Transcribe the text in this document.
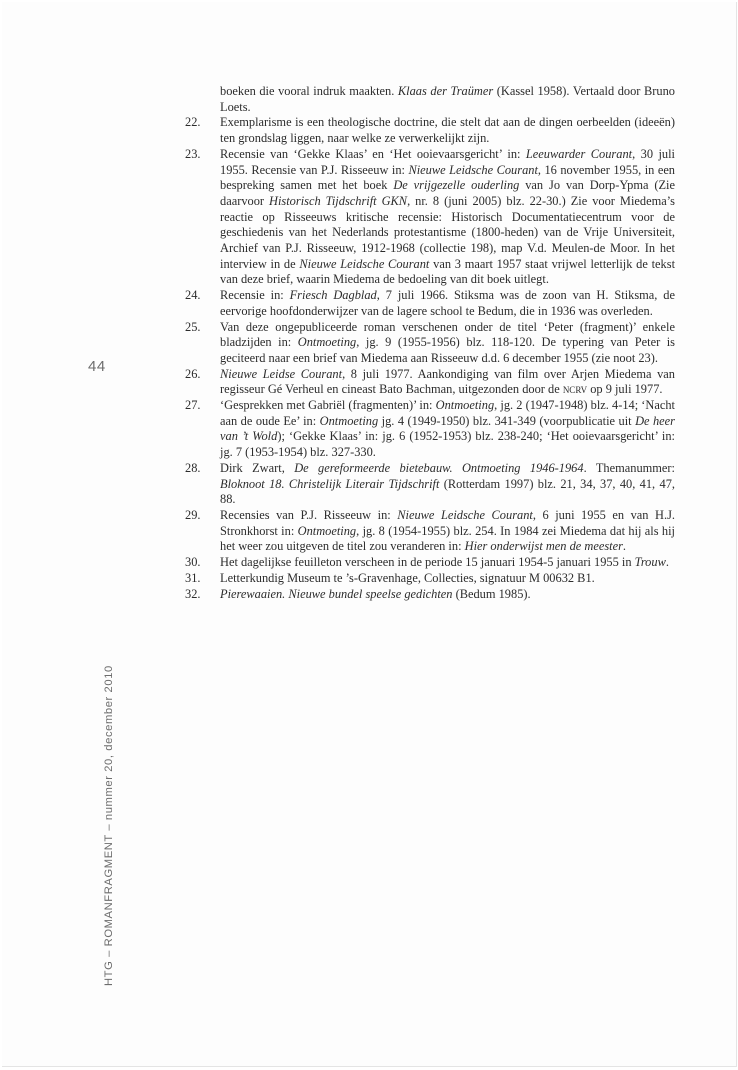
44
HTG – ROMANFRAGMENT – nummer 20, december 2010

boeken die vooral indruk maakten. Klaas der Traümer (Kassel 1958). Vertaald door Bruno Loets.

22. Exemplarisme is een theologische doctrine, die stelt dat aan de dingen oerbeelden (ideeën) ten grondslag liggen, naar welke ze verwerkelijkt zijn.

23. Recensie van ‘Gekke Klaas’ en ‘Het ooievaarsgericht’ in: Leeuwarder Courant, 30 juli 1955. Recensie van P.J. Risseeuw in: Nieuwe Leidsche Courant, 16 november 1955, in een bespreking samen met het boek De vrijgezelle ouderling van Jo van Dorp-Ypma (Zie daarvoor Historisch Tijdschrift GKN, nr. 8 (juni 2005) blz. 22-30.) Zie voor Miedema’s reactie op Risseeuws kritische recensie: Historisch Documentatiecentrum voor de geschiedenis van het Nederlands protestantisme (1800-heden) van de Vrije Universiteit, Archief van P.J. Risseeuw, 1912-1968 (collectie 198), map V.d. Meulen-de Moor. In het interview in de Nieuwe Leidsche Courant van 3 maart 1957 staat vrijwel letterlijk de tekst van deze brief, waarin Miedema de bedoeling van dit boek uitlegt.

24. Recensie in: Friesch Dagblad, 7 juli 1966. Stiksma was de zoon van H. Stiksma, de eervorige hoofdonderwijzer van de lagere school te Bedum, die in 1936 was overleden.

25. Van deze ongepubliceerde roman verschenen onder de titel ‘Peter (fragment)’ enkele bladzijden in: Ontmoeting, jg. 9 (1955-1956) blz. 118-120. De typering van Peter is geciteerd naar een brief van Miedema aan Risseeuw d.d. 6 december 1955 (zie noot 23).

26. Nieuwe Leidse Courant, 8 juli 1977. Aankondiging van film over Arjen Miedema van regisseur Gé Verheul en cineast Bato Bachman, uitgezonden door de ncrv op 9 juli 1977.

27. ‘Gesprekken met Gabriël (fragmenten)’ in: Ontmoeting, jg. 2 (1947-1948) blz. 4-14; ‘Nacht aan de oude Ee’ in: Ontmoeting jg. 4 (1949-1950) blz. 341-349 (voorpublicatie uit De heer van ’t Wold); ‘Gekke Klaas’ in: jg. 6 (1952-1953) blz. 238-240; ‘Het ooievaarsgericht’ in: jg. 7 (1953-1954) blz. 327-330.

28. Dirk Zwart, De gereformeerde bietebauw. Ontmoeting 1946-1964. Themanummer: Bloknoot 18. Christelijk Literair Tijdschrift (Rotterdam 1997) blz. 21, 34, 37, 40, 41, 47, 88.

29. Recensies van P.J. Risseeuw in: Nieuwe Leidsche Courant, 6 juni 1955 en van H.J. Stronkhorst in: Ontmoeting, jg. 8 (1954-1955) blz. 254. In 1984 zei Miedema dat hij als hij het weer zou uitgeven de titel zou veranderen in: Hier onderwijst men de meester.

30. Het dagelijkse feuilleton verscheen in de periode 15 januari 1954-5 januari 1955 in Trouw.

31. Letterkundig Museum te ’s-Gravenhage, Collecties, signatuur M 00632 B1.

32. Pierewaaien. Nieuwe bundel speelse gedichten (Bedum 1985).
